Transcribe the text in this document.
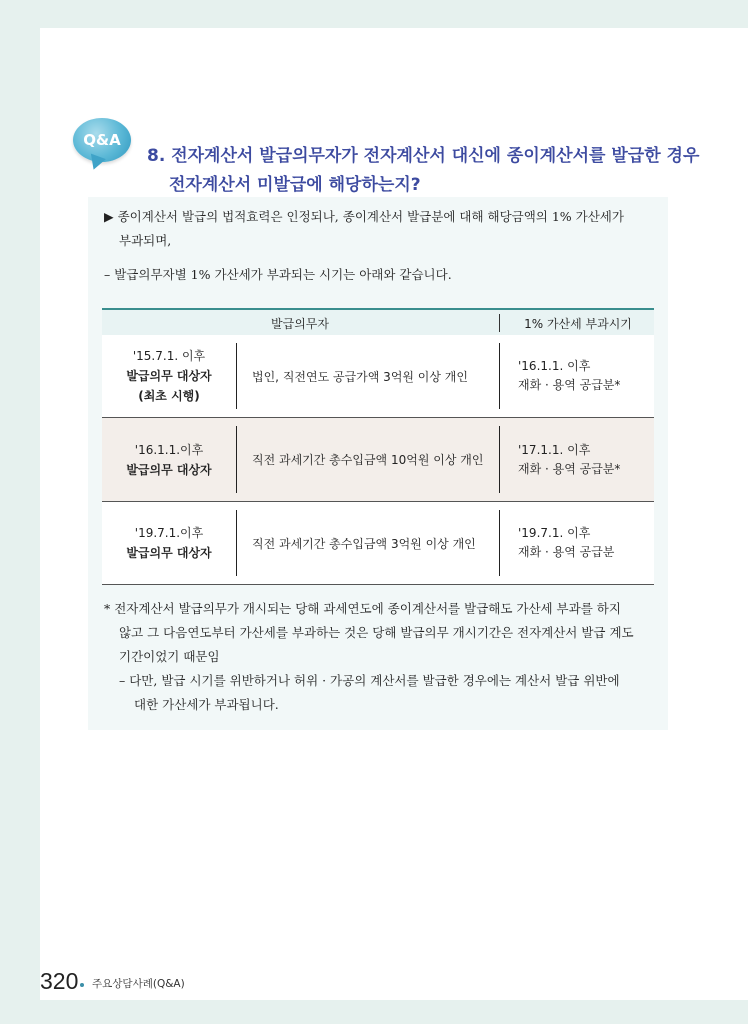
Q&A
8. 전자계산서 발급의무자가 전자계산서 대신에 종이계산서를 발급한 경우
전자계산서 미발급에 해당하는지?
▶ 종이계산서 발급의 법적효력은 인정되나, 종이계산서 발급분에 대해 해당금액의 1% 가산세가
부과되며,
– 발급의무자별 1% 가산세가 부과되는 시기는 아래와 같습니다.
발급의무자	1% 가산세 부과시기
'15.7.1. 이후
발급의무 대상자
(최초 시행)
법인, 직전연도 공급가액 3억원 이상 개인
'16.1.1. 이후
재화 · 용역 공급분*
'16.1.1.이후
발급의무 대상자
직전 과세기간 총수입금액 10억원 이상 개인
'17.1.1. 이후
재화 · 용역 공급분*
'19.7.1.이후
발급의무 대상자
직전 과세기간 총수입금액 3억원 이상 개인
'19.7.1. 이후
재화 · 용역 공급분
* 전자계산서 발급의무가 개시되는 당해 과세연도에 종이계산서를 발급해도 가산세 부과를 하지
않고 그 다음연도부터 가산세를 부과하는 것은 당해 발급의무 개시기간은 전자계산서 발급 계도
기간이었기 때문임
– 다만, 발급 시기를 위반하거나 허위 · 가공의 계산서를 발급한 경우에는 계산서 발급 위반에
대한 가산세가 부과됩니다.
320 주요상담사례(Q&A)
